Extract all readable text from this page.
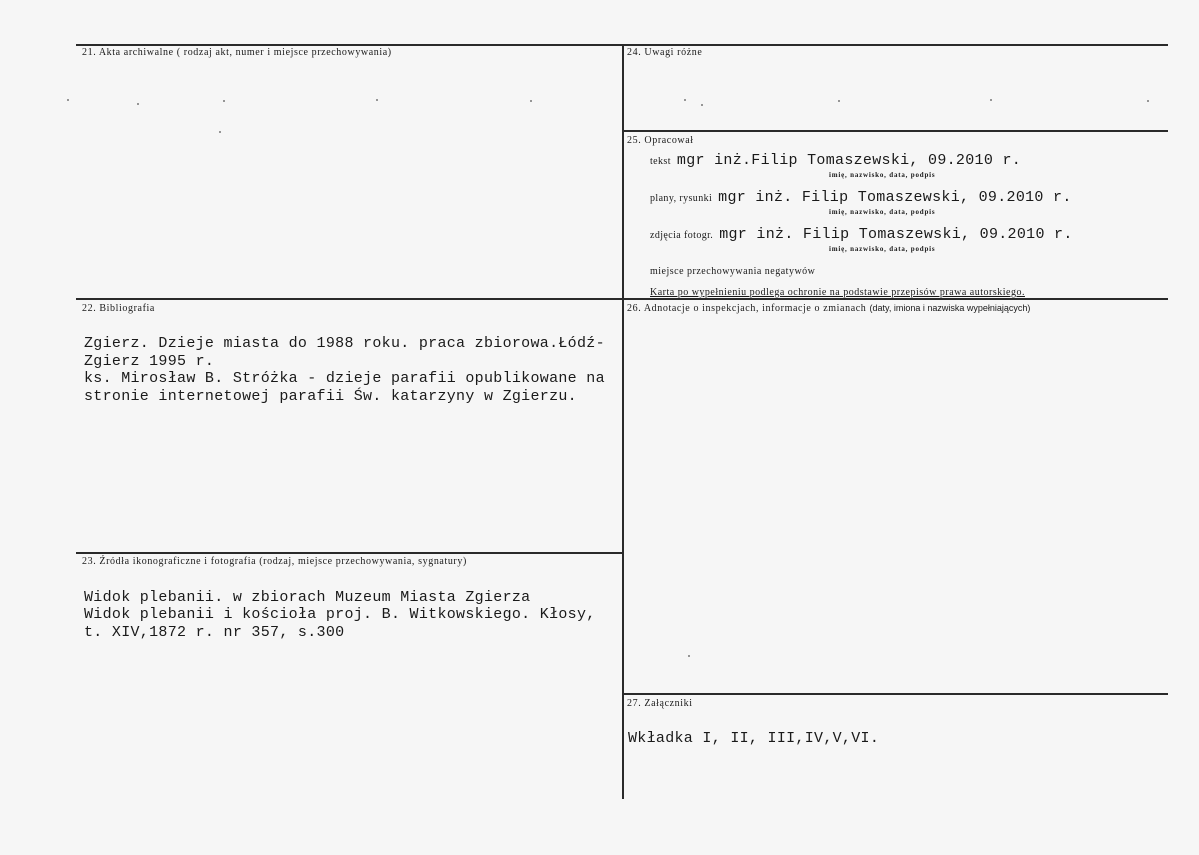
21. Akta archiwalne ( rodzaj akt, numer i miejsce przechowywania)
22. Bibliografia
Zgierz. Dzieje miasta do 1988 roku. praca zbiorowa.Łódź-
Zgierz 1995 r.
ks. Mirosław B. Stróżka - dzieje parafii opublikowane na
stronie internetowej parafii Św. katarzyny w Zgierzu.
23. Źródła ikonograficzne i fotografia (rodzaj, miejsce przechowywania, sygnatury)
Widok plebanii. w zbiorach Muzeum Miasta Zgierza
Widok plebanii i kościoła proj. B. Witkowskiego. Kłosy,
t. XIV,1872 r. nr 357, s.300
24. Uwagi różne
25. Opracował
tekst mgr inż.Filip Tomaszewski, 09.2010 r.
imię, nazwisko, data, podpis
plany, rysunki mgr inż. Filip Tomaszewski, 09.2010 r.
imię, nazwisko, data, podpis
zdjęcia fotogr. mgr inż. Filip Tomaszewski, 09.2010 r.
imię, nazwisko, data, podpis
miejsce przechowywania negatywów
Karta po wypełnieniu podlega ochronie na podstawie przepisów prawa autorskiego.
26. Adnotacje o inspekcjach, informacje o zmianach (daty, imiona i nazwiska wypełniających)
27. Załączniki
Wkładka I, II, III,IV,V,VI.
